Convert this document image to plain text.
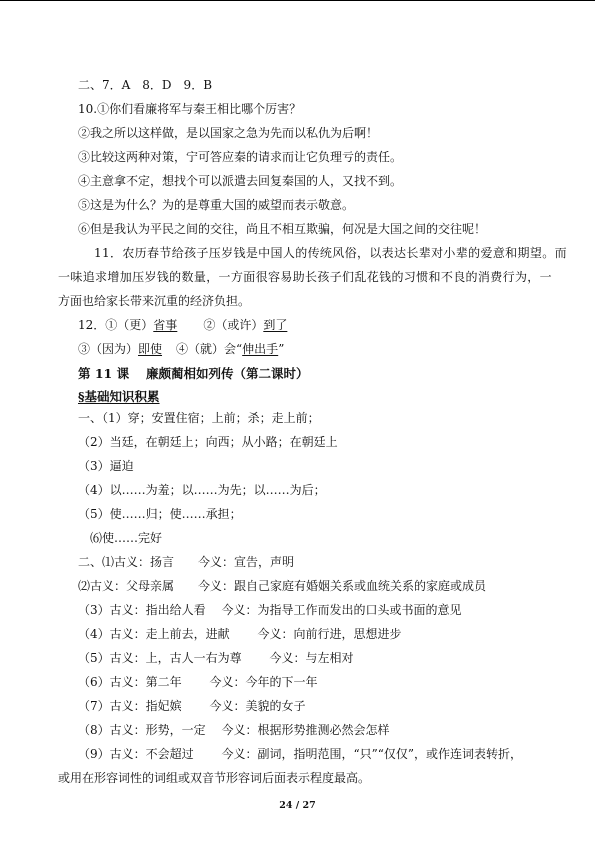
二、7．A　8．D　9．B
10.①你们看廉将军与秦王相比哪个厉害？
②我之所以这样做，是以国家之急为先而以私仇为后啊！
③比较这两种对策，宁可答应秦的请求而让它负理亏的责任。
④主意拿不定，想找个可以派遣去回复秦国的人，又找不到。
⑤这是为什么？为的是尊重大国的威望而表示敬意。
⑥但是我认为平民之间的交往，尚且不相互欺骗，何况是大国之间的交往呢！
11．农历春节给孩子压岁钱是中国人的传统风俗，以表达长辈对小辈的爱意和期望。而
一味追求增加压岁钱的数量，一方面很容易助长孩子们乱花钱的习惯和不良的消费行为，一
方面也给家长带来沉重的经济负担。
12．①（更）省事 ②（或许）到了
③（因为）即使 ④（就）会“伸出手”
第 11 课　 廉颇蔺相如列传（第二课时）
§基础知识积累
一、（1）穿；安置住宿；上前；杀；走上前；
（2）当廷，在朝廷上；向西；从小路；在朝廷上
（3）逼迫
（4）以……为羞；以……为先；以……为后；
（5）使……归；使……承担；
⑹使……完好
二、⑴古义：扬言　　今义：宣告，声明
⑵古义：父母亲属　　今义：跟自己家庭有婚姻关系或血统关系的家庭或成员
（3）古义：指出给人看　 今义：为指导工作而发出的口头或书面的意见
（4）古义：走上前去，进献　　 今义：向前行进，思想进步
（5）古义：上，古人一右为尊　　 今义：与左相对
（6）古义：第二年　　 今义：今年的下一年
（7）古义：指妃嫔　　 今义：美貌的女子
（8）古义：形势，一定　 今义：根据形势推测必然会怎样
（9）古义：不会超过　　 今义：副词，指明范围，“只”“仅仅”，或作连词表转折，
或用在形容词性的词组或双音节形容词后面表示程度最高。
24 / 27
